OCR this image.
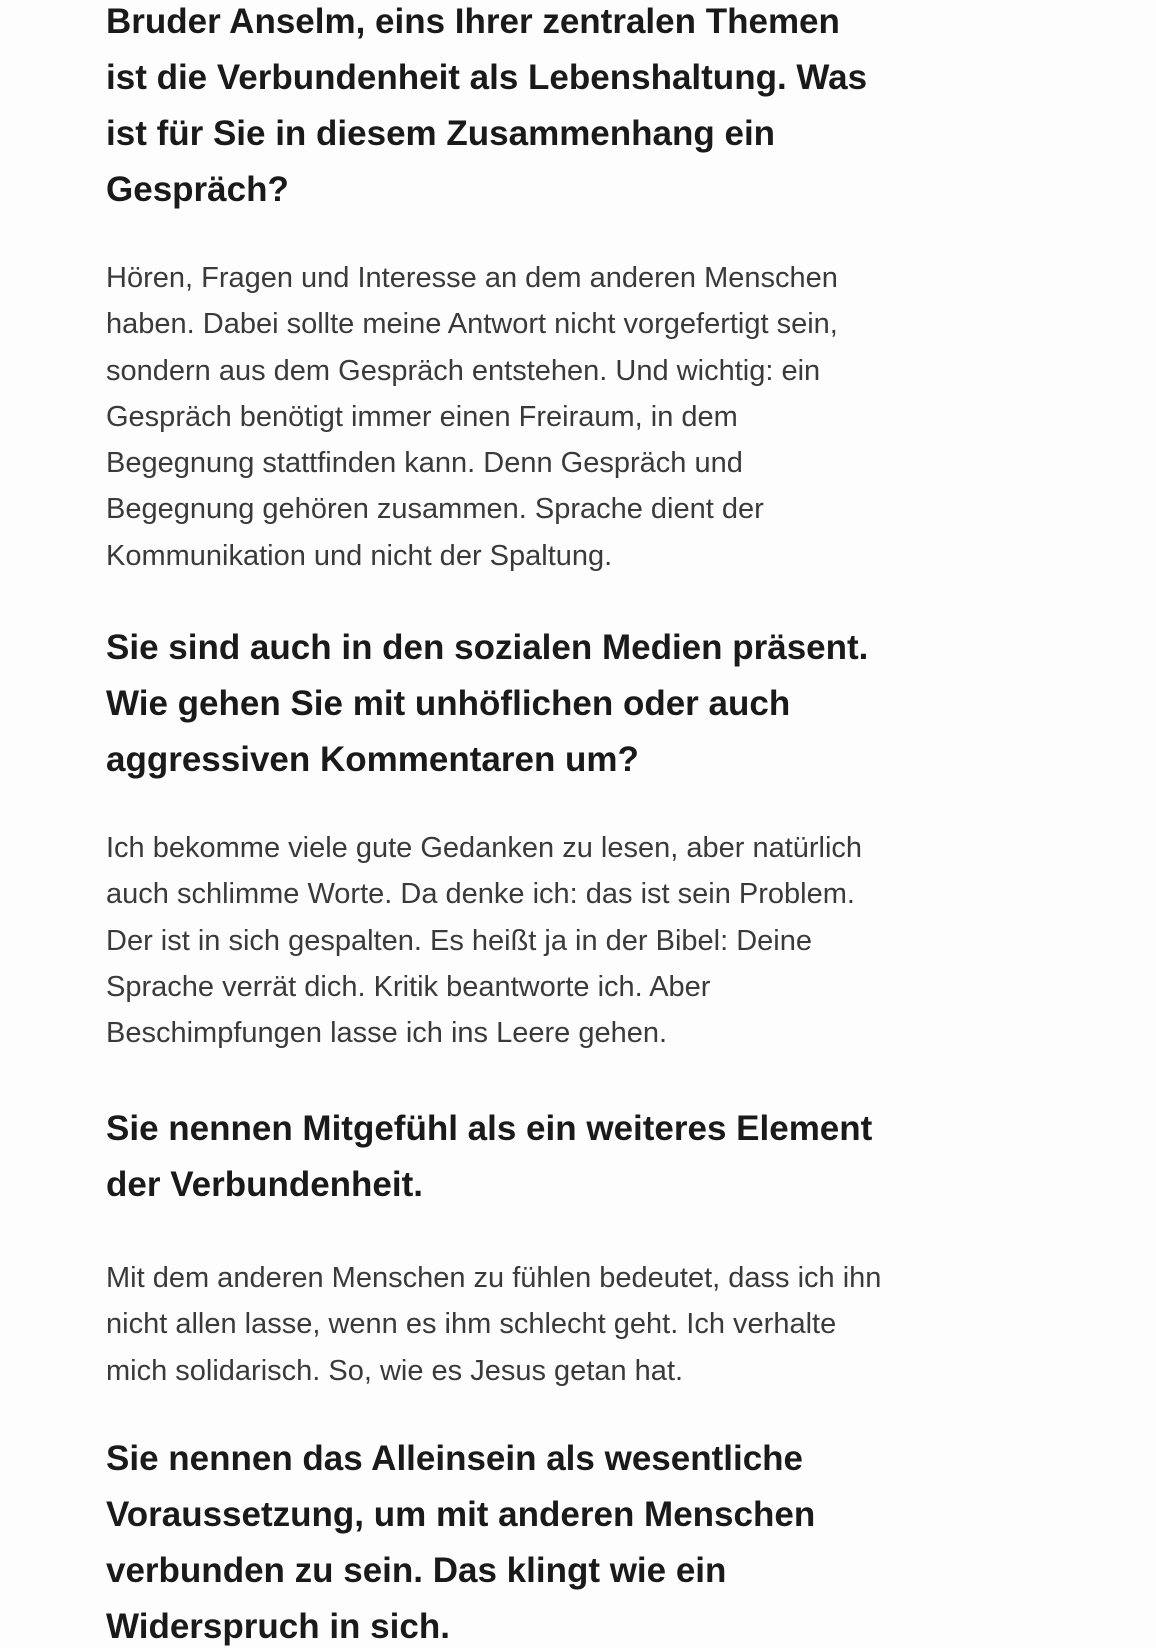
Bruder Anselm, eins Ihrer zentralen Themen
ist die Verbundenheit als Lebenshaltung. Was
ist für Sie in diesem Zusammenhang ein
Gespräch?

Hören, Fragen und Interesse an dem anderen Menschen
haben. Dabei sollte meine Antwort nicht vorgefertigt sein,
sondern aus dem Gespräch entstehen. Und wichtig: ein
Gespräch benötigt immer einen Freiraum, in dem
Begegnung stattfinden kann. Denn Gespräch und
Begegnung gehören zusammen. Sprache dient der
Kommunikation und nicht der Spaltung.

Sie sind auch in den sozialen Medien präsent.
Wie gehen Sie mit unhöflichen oder auch
aggressiven Kommentaren um?

Ich bekomme viele gute Gedanken zu lesen, aber natürlich
auch schlimme Worte. Da denke ich: das ist sein Problem.
Der ist in sich gespalten. Es heißt ja in der Bibel: Deine
Sprache verrät dich. Kritik beantworte ich. Aber
Beschimpfungen lasse ich ins Leere gehen.

Sie nennen Mitgefühl als ein weiteres Element
der Verbundenheit.

Mit dem anderen Menschen zu fühlen bedeutet, dass ich ihn
nicht allen lasse, wenn es ihm schlecht geht. Ich verhalte
mich solidarisch. So, wie es Jesus getan hat.

Sie nennen das Alleinsein als wesentliche
Voraussetzung, um mit anderen Menschen
verbunden zu sein. Das klingt wie ein
Widerspruch in sich.
